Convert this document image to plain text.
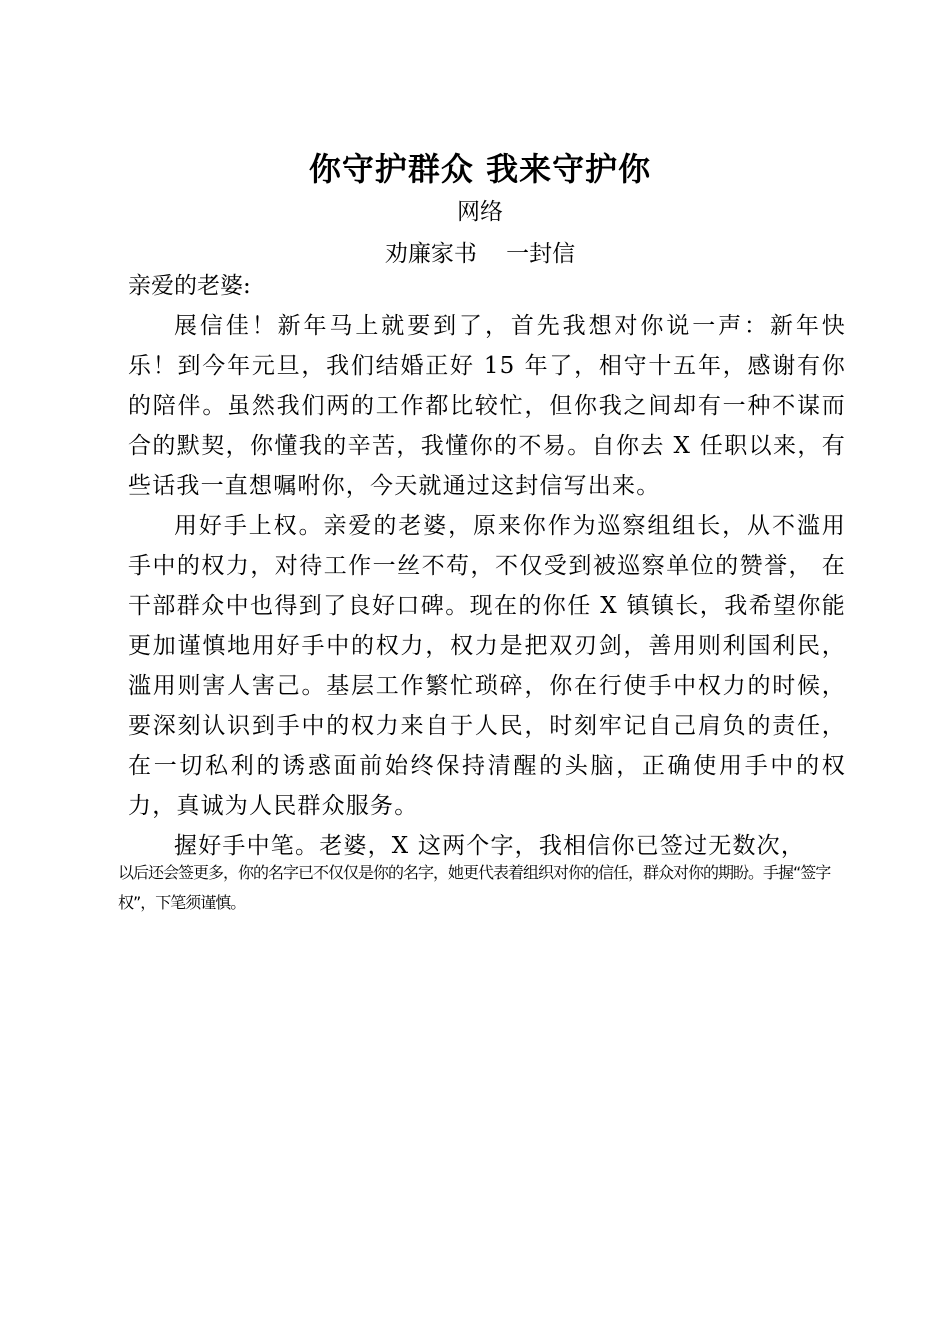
你守护群众 我来守护你
网络
劝廉家书    一封信
亲爱的老婆:

展信佳！新年马上就要到了，首先我想对你说一声：新年快乐！到今年元旦，我们结婚正好 15 年了，相守十五年，感谢有你的陪伴。虽然我们两的工作都比较忙，但你我之间却有一种不谋而合的默契，你懂我的辛苦，我懂你的不易。自你去 X 任职以来，有些话我一直想嘱咐你，今天就通过这封信写出来。

用好手上权。亲爱的老婆，原来你作为巡察组组长，从不滥用手中的权力，对待工作一丝不苟，不仅受到被巡察单位的赞誉， 在干部群众中也得到了良好口碑。现在的你任 X 镇镇长，我希望你能更加谨慎地用好手中的权力，权力是把双刃剑，善用则利国利民，滥用则害人害己。基层工作繁忙琐碎，你在行使手中权力的时候，要深刻认识到手中的权力来自于人民，时刻牢记自己肩负的责任，在一切私利的诱惑面前始终保持清醒的头脑，正确使用手中的权力，真诚为人民群众服务。

握好手中笔。老婆，X 这两个字，我相信你已签过无数次，

以后还会签更多，你的名字已不仅仅是你的名字，她更代表着组织对你的信任，群众对你的期盼。手握“签字权”，下笔须谨慎。
